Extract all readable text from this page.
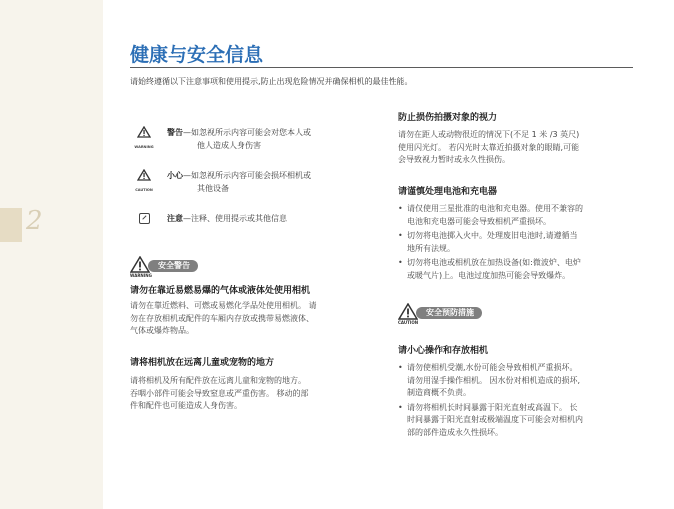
2
健康与安全信息
请始终遵循以下注意事项和使用提示,防止出现危险情况并确保相机的最佳性能。
WARNING
警告—如忽视所示内容可能会对您本人或
他人造成人身伤害
CAUTION
小心—如忽视所示内容可能会损坏相机或
其他设备
注意—注释、使用提示或其他信息
WARNING
安全警告
请勿在靠近易燃易爆的气体或液体处使用相机
请勿在靠近燃料、可燃或易燃化学品处使用相机。 请
勿在存放相机或配件的车厢内存放或携带易燃液体、
气体或爆炸物品。
请将相机放在远离儿童或宠物的地方
请将相机及所有配件放在远离儿童和宠物的地方。
吞咽小部件可能会导致窒息或严重伤害。 移动的部
件和配件也可能造成人身伤害。
防止损伤拍摄对象的视力
请勿在距人或动物很近的情况下(不足 1 米 /3 英尺)
使用闪光灯。 若闪光时太靠近拍摄对象的眼睛,可能
会导致视力暂时或永久性损伤。
请谨慎处理电池和充电器
• 请仅使用三星批准的电池和充电器。使用不兼容的
电池和充电器可能会导致相机严重损坏。
• 切勿将电池掷入火中。处理废旧电池时,请遵循当
地所有法规。
• 切勿将电池或相机放在加热设备(如:微波炉、电炉
或暖气片)上。电池过度加热可能会导致爆炸。
CAUTION
安全预防措施
请小心操作和存放相机
• 请勿使相机受潮,水份可能会导致相机严重损坏。
请勿用湿手操作相机。 因水份对相机造成的损坏,
制造商概不负责。
• 请勿将相机长时间暴露于阳光直射或高温下。 长
时间暴露于阳光直射或极端温度下可能会对相机内
部的部件造成永久性损坏。
